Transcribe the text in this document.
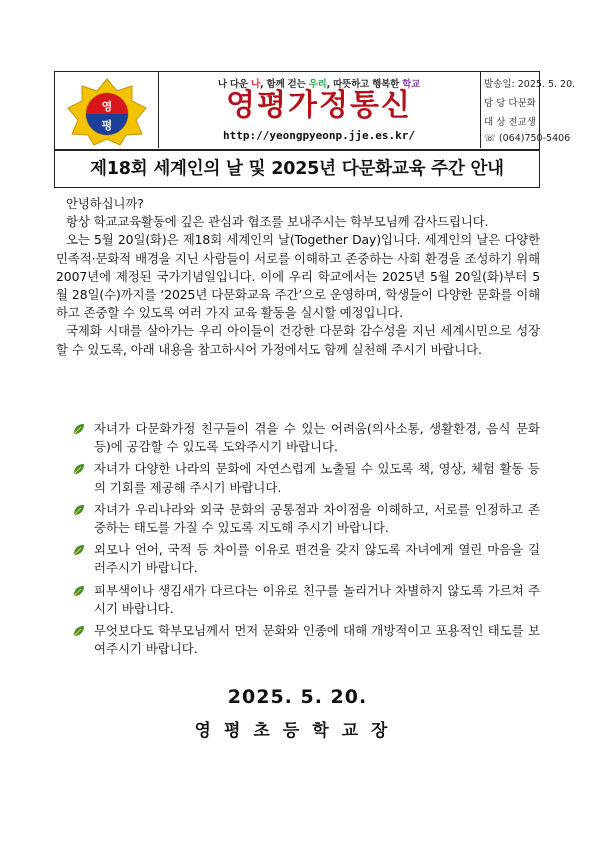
영
평
나 다운 나, 함께 걷는 우리, 따뜻하고 행복한 학교
영평가정통신
http://yeongpyeonp.jje.es.kr/
발송일: 2025. 5. 20.
담 당 다문화
대 상 전교생
☏ (064)750-5406
제18회 세계인의 날 및 2025년 다문화교육 주간 안내

안녕하십니까?

항상 학교교육활동에 깊은 관심과 협조를 보내주시는 학부모님께 감사드립니다.

오는 5월 20일(화)은 제18회 세계인의 날(Together Day)입니다. 세계인의 날은 다양한 민족적·문화적 배경을 지닌 사람들이 서로를 이해하고 존중하는 사회 환경을 조성하기 위해 2007년에 제정된 국가기념일입니다. 이에 우리 학교에서는 2025년 5월 20일(화)부터 5월 28일(수)까지를 ‘2025년 다문화교육 주간’으로 운영하며, 학생들이 다양한 문화를 이해하고 존중할 수 있도록 여러 가지 교육 활동을 실시할 예정입니다.

국제화 시대를 살아가는 우리 아이들이 건강한 다문화 감수성을 지닌 세계시민으로 성장할 수 있도록, 아래 내용을 참고하시어 가정에서도 함께 실천해 주시기 바랍니다.

자녀가 다문화가정 친구들이 겪을 수 있는 어려움(의사소통, 생활환경, 음식 문화 등)에 공감할 수 있도록 도와주시기 바랍니다.
자녀가 다양한 나라의 문화에 자연스럽게 노출될 수 있도록 책, 영상, 체험 활동 등의 기회를 제공해 주시기 바랍니다.
자녀가 우리나라와 외국 문화의 공통점과 차이점을 이해하고, 서로를 인정하고 존중하는 태도를 가질 수 있도록 지도해 주시기 바랍니다.
외모나 언어, 국적 등 차이를 이유로 편견을 갖지 않도록 자녀에게 열린 마음을 길러주시기 바랍니다.
피부색이나 생김새가 다르다는 이유로 친구를 놀리거나 차별하지 않도록 가르쳐 주시기 바랍니다.
무엇보다도 학부모님께서 먼저 문화와 인종에 대해 개방적이고 포용적인 태도를 보여주시기 바랍니다.
2025. 5. 20.
영평초등학교장
